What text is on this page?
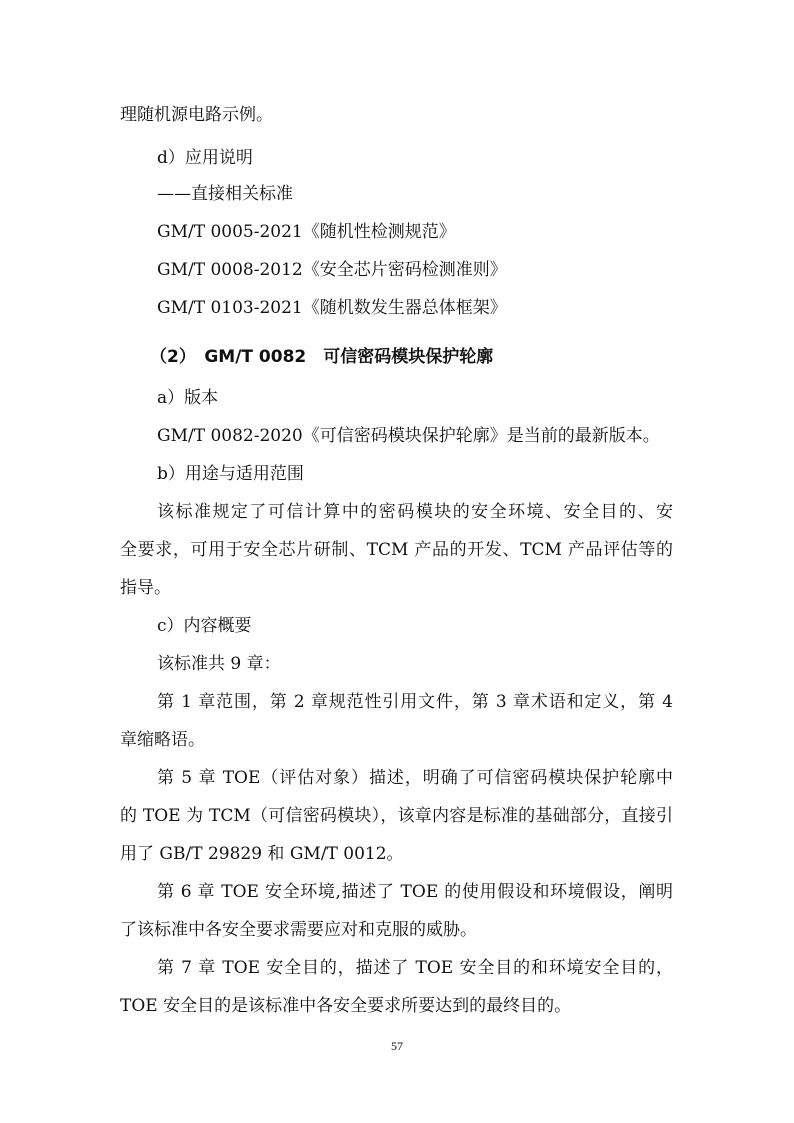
理随机源电路示例。
d）应用说明
——直接相关标准
GM/T 0005-2021《随机性检测规范》
GM/T 0008-2012《安全芯片密码检测准则》
GM/T 0103-2021《随机数发生器总体框架》
（2）　GM/T 0082　可信密码模块保护轮廓
a）版本
GM/T 0082-2020《可信密码模块保护轮廓》是当前的最新版本。
b）用途与适用范围
该标准规定了可信计算中的密码模块的安全环境、安全目的、安
全要求，可用于安全芯片研制、TCM 产品的开发、TCM 产品评估等的
指导。
c）内容概要
该标准共 9 章：
第 1 章范围，第 2 章规范性引用文件，第 3 章术语和定义，第 4
章缩略语。
第 5 章 TOE（评估对象）描述，明确了可信密码模块保护轮廓中
的 TOE 为 TCM（可信密码模块），该章内容是标准的基础部分，直接引
用了 GB/T 29829 和 GM/T 0012。
第 6 章 TOE 安全环境,描述了 TOE 的使用假设和环境假设，阐明
了该标准中各安全要求需要应对和克服的威胁。
第 7 章 TOE 安全目的，描述了 TOE 安全目的和环境安全目的，
TOE 安全目的是该标准中各安全要求所要达到的最终目的。
57
